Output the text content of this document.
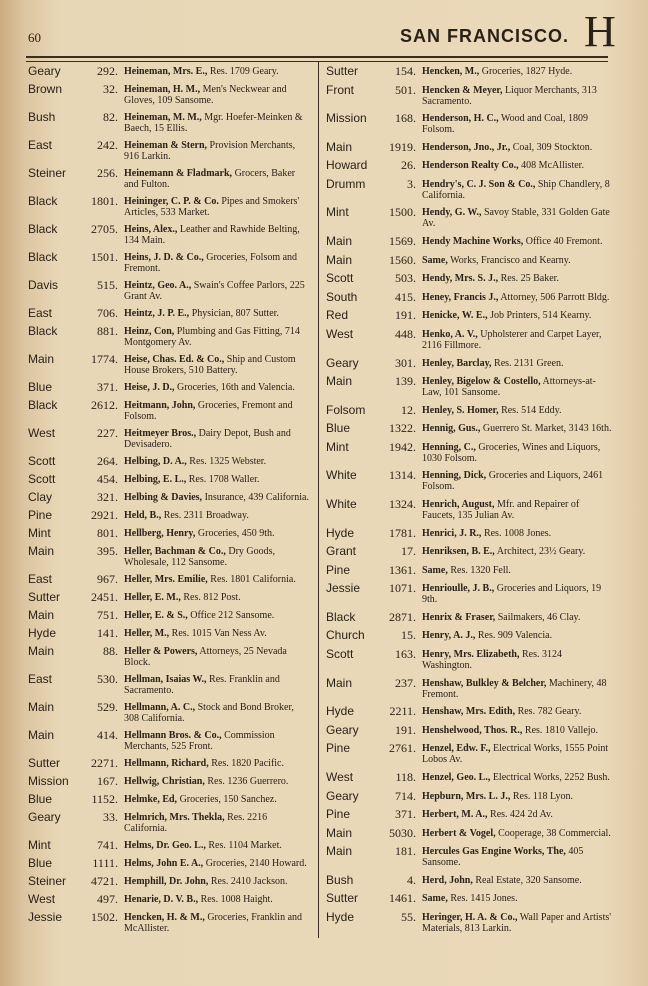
60	SAN FRANCISCO. H
Geary	292. Heineman, Mrs. E., Res. 1709 Geary.
Brown	32. Heineman, H. M., Men's Neckwear and Gloves, 109 Sansome.
Bush	82. Heineman, M. M., Mgr. Hoefer-Meinken & Baech, 15 Ellis.
East	242. Heineman & Stern, Provision Merchants, 916 Larkin.
Steiner	256. Heinemann & Fladmark, Grocers, Baker and Fulton.
Black	1801. Heininger, C. P. & Co. Pipes and Smokers' Articles, 533 Market.
Black	2705. Heins, Alex., Leather and Rawhide Belting, 134 Main.
Black	1501. Heins, J. D. & Co., Groceries, Folsom and Fremont.
Davis	515. Heintz, Geo. A., Swain's Coffee Parlors, 225 Grant Av.
East	706. Heintz, J. P. E., Physician, 807 Sutter.
Black	881. Heinz, Con, Plumbing and Gas Fitting, 714 Montgomery Av.
Main	1774. Heise, Chas. Ed. & Co., Ship and Custom House Brokers, 510 Battery.
Blue	371. Heise, J. D., Groceries, 16th and Valencia.
Black	2612. Heitmann, John, Groceries, Fremont and Folsom.
West	227. Heitmeyer Bros., Dairy Depot, Bush and Devisadero.
Scott	264. Helbing, D. A., Res. 1325 Webster.
Scott	454. Helbing, E. L., Res. 1708 Waller.
Clay	321. Helbing & Davies, Insurance, 439 California.
Pine	2921. Held, B., Res. 2311 Broadway.
Mint	801. Hellberg, Henry, Groceries, 450 9th.
Main	395. Heller, Bachman & Co., Dry Goods, Wholesale, 112 Sansome.
East	967. Heller, Mrs. Emilie, Res. 1801 California.
Sutter	2451. Heller, E. M., Res. 812 Post.
Main	751. Heller, E. & S., Office 212 Sansome.
Hyde	141. Heller, M., Res. 1015 Van Ness Av.
Main	88. Heller & Powers, Attorneys, 25 Nevada Block.
East	530. Hellman, Isaias W., Res. Franklin and Sacramento.
Main	529. Hellmann, A. C., Stock and Bond Broker, 308 California.
Main	414. Hellmann Bros. & Co., Commission Merchants, 525 Front.
Sutter	2271. Hellmann, Richard, Res. 1820 Pacific.
Mission	167. Hellwig, Christian, Res. 1236 Guerrero.
Blue	1152. Helmke, Ed, Groceries, 150 Sanchez.
Geary	33. Helmrich, Mrs. Thekla, Res. 2216 California.
Mint	741. Helms, Dr. Geo. L., Res. 1104 Market.
Blue	1111. Helms, John E. A., Groceries, 2140 Howard.
Steiner	4721. Hemphill, Dr. John, Res. 2410 Jackson.
West	497. Henarie, D. V. B., Res. 1008 Haight.
Jessie	1502. Hencken, H. & M., Groceries, Franklin and McAllister.
Sutter	154. Hencken, M., Groceries, 1827 Hyde.
Front	501. Hencken & Meyer, Liquor Merchants, 313 Sacramento.
Mission	168. Henderson, H. C., Wood and Coal, 1809 Folsom.
Main	1919. Henderson, Jno., Jr., Coal, 309 Stockton.
Howard	26. Henderson Realty Co., 408 McAllister.
Drumm	3. Hendry's, C. J. Son & Co., Ship Chandlery, 8 California.
Mint	1500. Hendy, G. W., Savoy Stable, 331 Golden Gate Av.
Main	1569. Hendy Machine Works, Office 40 Fremont.
Main	1560. Same, Works, Francisco and Kearny.
Scott	503. Hendy, Mrs. S. J., Res. 25 Baker.
South	415. Heney, Francis J., Attorney, 506 Parrott Bldg.
Red	191. Henicke, W. E., Job Printers, 514 Kearny.
West	448. Henko, A. V., Upholsterer and Carpet Layer, 2116 Fillmore.
Geary	301. Henley, Barclay, Res. 2131 Green.
Main	139. Henley, Bigelow & Costello, Attorneys-at-Law, 101 Sansome.
Folsom	12. Henley, S. Homer, Res. 514 Eddy.
Blue	1322. Hennig, Gus., Guerrero St. Market, 3143 16th.
Mint	1942. Henning, C., Groceries, Wines and Liquors, 1030 Folsom.
White	1314. Henning, Dick, Groceries and Liquors, 2461 Folsom.
White	1324. Henrich, August, Mfr. and Repairer of Faucets, 135 Julian Av.
Hyde	1781. Henrici, J. R., Res. 1008 Jones.
Grant	17. Henriksen, B. E., Architect, 23½ Geary.
Pine	1361. Same, Res. 1320 Fell.
Jessie	1071. Henrioulle, J. B., Groceries and Liquors, 19 9th.
Black	2871. Henrix & Fraser, Sailmakers, 46 Clay.
Church	15. Henry, A. J., Res. 909 Valencia.
Scott	163. Henry, Mrs. Elizabeth, Res. 3124 Washington.
Main	237. Henshaw, Bulkley & Belcher, Machinery, 48 Fremont.
Hyde	2211. Henshaw, Mrs. Edith, Res. 782 Geary.
Geary	191. Henshelwood, Thos. R., Res. 1810 Vallejo.
Pine	2761. Henzel, Edw. F., Electrical Works, 1555 Point Lobos Av.
West	118. Henzel, Geo. L., Electrical Works, 2252 Bush.
Geary	714. Hepburn, Mrs. L. J., Res. 118 Lyon.
Pine	371. Herbert, M. A., Res. 424 2d Av.
Main	5030. Herbert & Vogel, Cooperage, 38 Commercial.
Main	181. Hercules Gas Engine Works, The, 405 Sansome.
Bush	4. Herd, John, Real Estate, 320 Sansome.
Sutter	1461. Same, Res. 1415 Jones.
Hyde	55. Heringer, H. A. & Co., Wall Paper and Artists' Materials, 813 Larkin.
